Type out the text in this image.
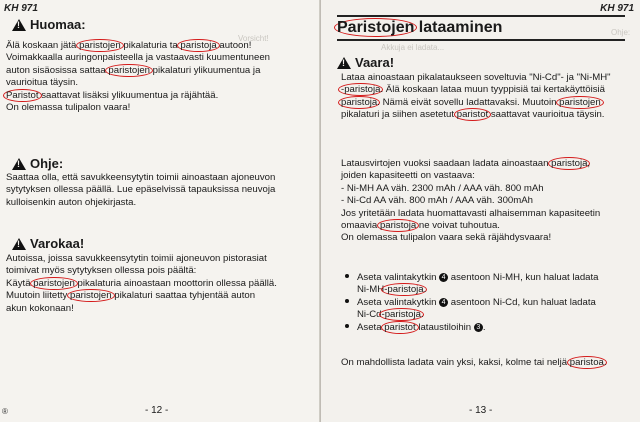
KH 971
Vorsicht!
!
Huomaa:
Älä koskaan jätä paristojen pikalaturia ta paristoja autoon!
Voimakkaalla auringonpaisteella ja vastaavasti kuumentuneen
auton sisäosissa sattaa paristojen pikalaturi ylikuumentua ja
vaurioitua täysin.
Paristot saattavat lisäksi ylikuumentua ja räjähtää.
On olemassa tulipalon vaara!
!
Ohje:
Saattaa olla, että savukkeensytytin toimii ainoastaan ajoneuvon
sytytyksen ollessa päällä. Lue epäselvissä tapauksissa neuvoja
kulloisenkin auton ohjekirjasta.
!
Varokaa!
Autoissa, joissa savukkeensytytin toimii ajoneuvon pistorasiat
toimivat myös sytytyksen ollessa pois päältä:
Käytä paristojen pikalaturia ainoastaan moottorin ollessa päällä.
Muutoin liitetty paristojen pikalaturi saattaa tyhjentää auton
akun kokonaan!
®	- 12 -
KH 971
Ohje:
Akkuja ei ladata...
Paristojen lataaminen
!
Vaara!
Lataa ainoastaan pikalataukseen soveltuvia "Ni-Cd"- ja "Ni-MH"
-paristoja. Älä koskaan lataa muun tyyppisiä tai kertakäyttöisiä
paristoja. Nämä eivät sovellu ladattavaksi. Muutoin paristojen
pikalaturi ja siihen asetetut paristot saattavat vaurioitua täysin.
Latausvirtojen vuoksi saadaan ladata ainoastaan paristoja,
joiden kapasiteetti on vastaava:
- Ni-MH AA väh. 2300 mAh / AAA väh. 800 mAh
- Ni-Cd AA väh. 800 mAh / AAA väh. 300mAh
Jos yritetään ladata huomattavasti alhaisemman kapasiteetin
omaavia paristoja ne voivat tuhoutua.
On olemassa tulipalon vaara sekä räjähdysvaara!
Aseta valintakytkin 4 asentoon Ni-MH, kun haluat ladata
Ni-MH-paristoja.
Aseta valintakytkin 4 asentoon Ni-Cd, kun haluat ladata
Ni-Cd-paristoja.
Aseta paristot lataustiloihin 3 .
On mahdollista ladata vain yksi, kaksi, kolme tai neljä paristoa.
- 13 -
